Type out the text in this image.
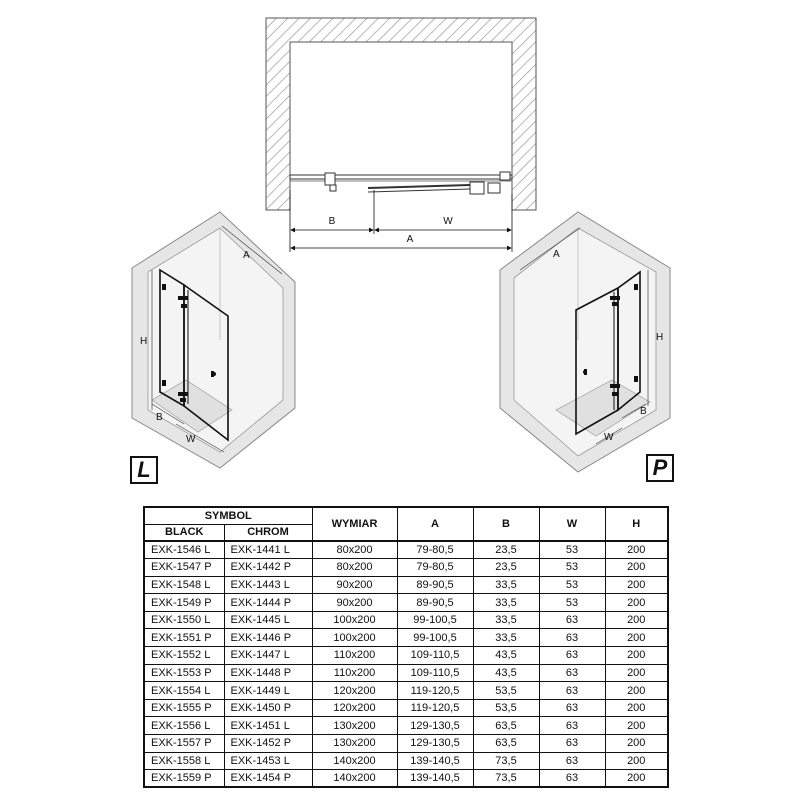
B	W
A
A
H
B
W
A
H
B
W
L	P
SYMBOL		WYMIAR	A	B	W	H
BLACK	CHROM					
EXK-1546 L	EXK-1441 L	80x200	79-80,5	23,5	53	200
EXK-1547 P	EXK-1442 P	80x200	79-80,5	23,5	53	200
EXK-1548 L	EXK-1443 L	90x200	89-90,5	33,5	53	200
EXK-1549 P	EXK-1444 P	90x200	89-90,5	33,5	53	200
EXK-1550 L	EXK-1445 L	100x200	99-100,5	33,5	63	200
EXK-1551 P	EXK-1446 P	100x200	99-100,5	33,5	63	200
EXK-1552 L	EXK-1447 L	110x200	109-110,5	43,5	63	200
EXK-1553 P	EXK-1448 P	110x200	109-110,5	43,5	63	200
EXK-1554 L	EXK-1449 L	120x200	119-120,5	53,5	63	200
EXK-1555 P	EXK-1450 P	120x200	119-120,5	53,5	63	200
EXK-1556 L	EXK-1451 L	130x200	129-130,5	63,5	63	200
EXK-1557 P	EXK-1452 P	130x200	129-130,5	63,5	63	200
EXK-1558 L	EXK-1453 L	140x200	139-140,5	73,5	63	200
EXK-1559 P	EXK-1454 P	140x200	139-140,5	73,5	63	200
